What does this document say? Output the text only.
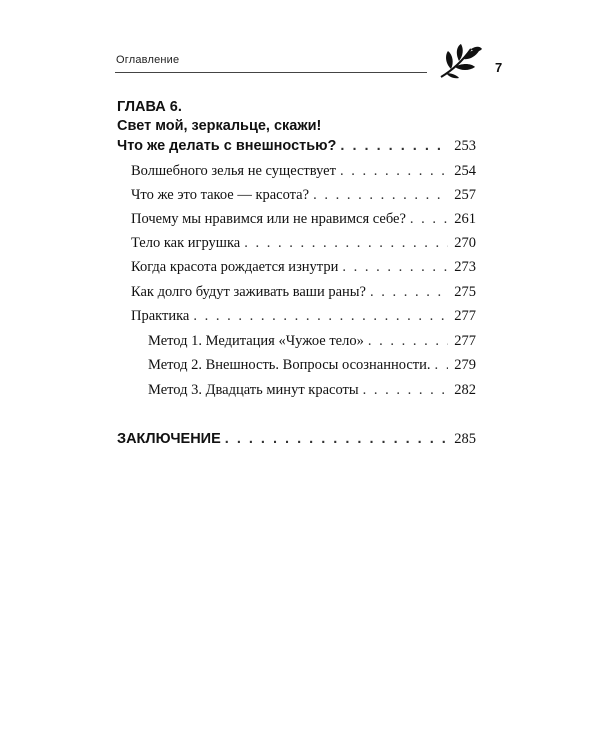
Оглавление	7
ГЛАВА 6.
Свет мой, зеркальце, скажи!
Что же делать с внешностью? . . .	253
Волшебного зелья не существует . . .	254
Что же это такое — красота? . . .	257
Почему мы нравимся или не нравимся себе? . . .	261
Тело как игрушка . . .	270
Когда красота рождается изнутри . . .	273
Как долго будут заживать ваши раны? . . .	275
Практика . . .	277
Метод 1. Медитация «Чужое тело» . . .	277
Метод 2. Внешность. Вопросы осознанности. . . . 279
Метод 3. Двадцать минут красоты . . .	282
ЗАКЛЮЧЕНИЕ . . .	285
